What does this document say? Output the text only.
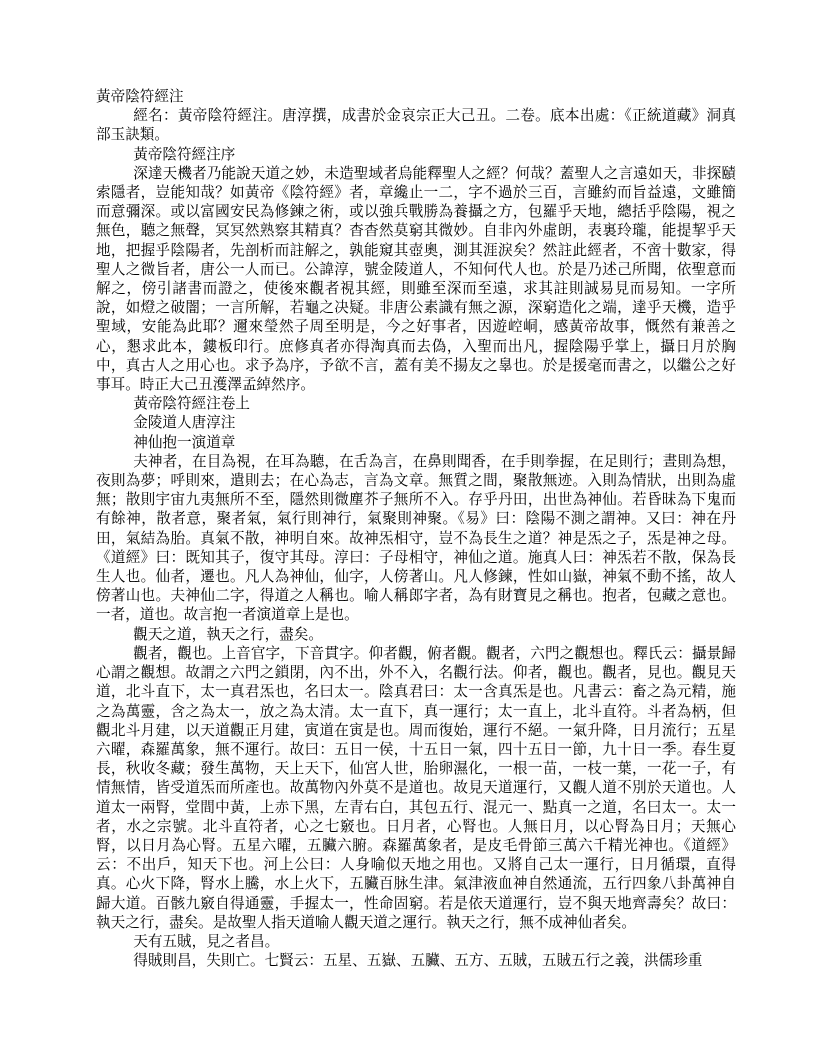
黃帝陰符經注

經名：黃帝陰符經注。唐淳撰，成書於金哀宗正大己丑。二卷。底本出處：《正統道藏》洞真部玉訣類。

黃帝陰符經注序

深達天機者乃能說天道之妙，未造聖域者烏能釋聖人之經？何哉？蓋聖人之言遠如天，非探賾索隱者，豈能知哉？如黃帝《陰符經》者，章纔止一二，字不過於三百，言雖約而旨益遠，文雖簡而意彌深。或以富國安民為修鍊之術，或以強兵戰勝為養攝之方，包羅乎天地，總括乎陰陽，視之無色，聽之無聲，冥冥然熟察其精真？杳杳然莫窮其微妙。自非內外虛朗，表裏玲瓏，能提挈乎天地，把握乎陰陽者，先剖析而註解之，孰能窺其壺奧，測其涯淚矣？然註此經者，不啻十數家，得聖人之微旨者，唐公一人而已。公諱淳，號金陵道人，不知何代人也。於是乃述己所聞，依聖意而解之，傍引諸書而證之，使後來觀者視其經，則雖至深而至遠，求其註則誠易見而易知。一字所說，如燈之破闇；一言所解，若龜之决疑。非唐公素識有無之源，深窮造化之端，達乎天機，造乎聖域，安能為此耶？邇來瑩然子周至明是，今之好事者，因遊崆峒，感黃帝故事，慨然有兼善之心，懇求此本，鏤板印行。庶修真者亦得淘真而去偽，入聖而出凡，握陰陽乎掌上，攝日月於胸中，真古人之用心也。求予為序，予欲不言，蓋有美不揚友之辠也。於是援毫而書之，以繼公之好事耳。時正大己丑濩澤孟綽然序。

黃帝陰符經注卷上

金陵道人唐淳注

神仙抱一演道章

夫神者，在目為視，在耳為聽，在舌為言，在鼻則聞香，在手則拳握，在足則行；晝則為想，夜則為夢；呼則來，遣則去；在心為志，言為文章。無質之間，聚散無迹。入則為情狀，出則為虛無；散則宇宙九夷無所不至，隱然則微塵芥子無所不入。存乎丹田，出世為神仙。若昏昧為下鬼而有餘神，散者意，聚者氣，氣行則神行，氣聚則神聚。《易》曰：陰陽不測之謂神。又曰：神在丹田，氣結為胎。真氣不散，神明自來。故神炁相守，豈不為長生之道？神是炁之子，炁是神之母。《道經》曰：既知其子，復守其母。淳曰：子母相守，神仙之道。施真人曰：神炁若不散，保為長生人也。仙者，遷也。凡人為神仙，仙字，人傍著山。凡人修鍊，性如山嶽，神氣不動不搖，故人傍著山也。夫神仙二字，得道之人稱也。喻人稱郎字者，為有財寶見之稱也。抱者，包藏之意也。一者，道也。故言抱一者演道章上是也。

觀天之道，執天之行，盡矣。

觀者，觀也。上音官字，下音貫字。仰者觀，俯者觀。觀者，六門之觀想也。釋氏云：攝景歸心謂之觀想。故謂之六門之鎖閉，內不出，外不入，名觀行法。仰者，觀也。觀者，見也。觀見天道，北斗直下，太一真君炁也，名曰太一。陰真君曰：太一含真炁是也。凡書云：畜之為元精，施之為萬靈，含之為太一，放之為太清。太一直下，真一運行；太一直上，北斗直符。斗者為柄，但觀北斗月建，以天道觀正月建，寅道在寅是也。周而復始，運行不絕。一氣升降，日月流行；五星六曜，森羅萬象，無不運行。故曰：五日一侯，十五日一氣，四十五日一節，九十日一季。春生夏長，秋收冬藏；發生萬物，天上天下，仙宮人世，胎卵濕化，一根一苗，一枝一葉，一花一子，有情無情，皆受道炁而所產也。故萬物內外莫不是道也。故見天道運行，又觀人道不別於天道也。人道太一兩腎，堂間中黃，上赤下黑，左青右白，其包五行、混元一、點真一之道，名曰太一。太一者，水之宗號。北斗直符者，心之七竅也。日月者，心腎也。人無日月，以心腎為日月；天無心腎，以日月為心腎。五星六曜，五臟六腑。森羅萬象者，是皮毛骨節三萬六千精光神也。《道經》云：不出戶，知天下也。河上公曰：人身喻似天地之用也。又將自己太一運行，日月循環，直得真。心火下降，腎水上騰，水上火下，五臟百脉生津。氣津液血神自然通流，五行四象八卦萬神自歸大道。百骸九竅自得通靈，手握太一，性命固窮。若是依天道運行，豈不與天地齊壽矣？故曰：執天之行，盡矣。是故聖人指天道喻人觀天道之運行。執天之行，無不成神仙者矣。

天有五賊，見之者昌。

得賊則昌，失則亡。七賢云：五星、五嶽、五臟、五方、五賊，五賊五行之義，洪儒珍重
